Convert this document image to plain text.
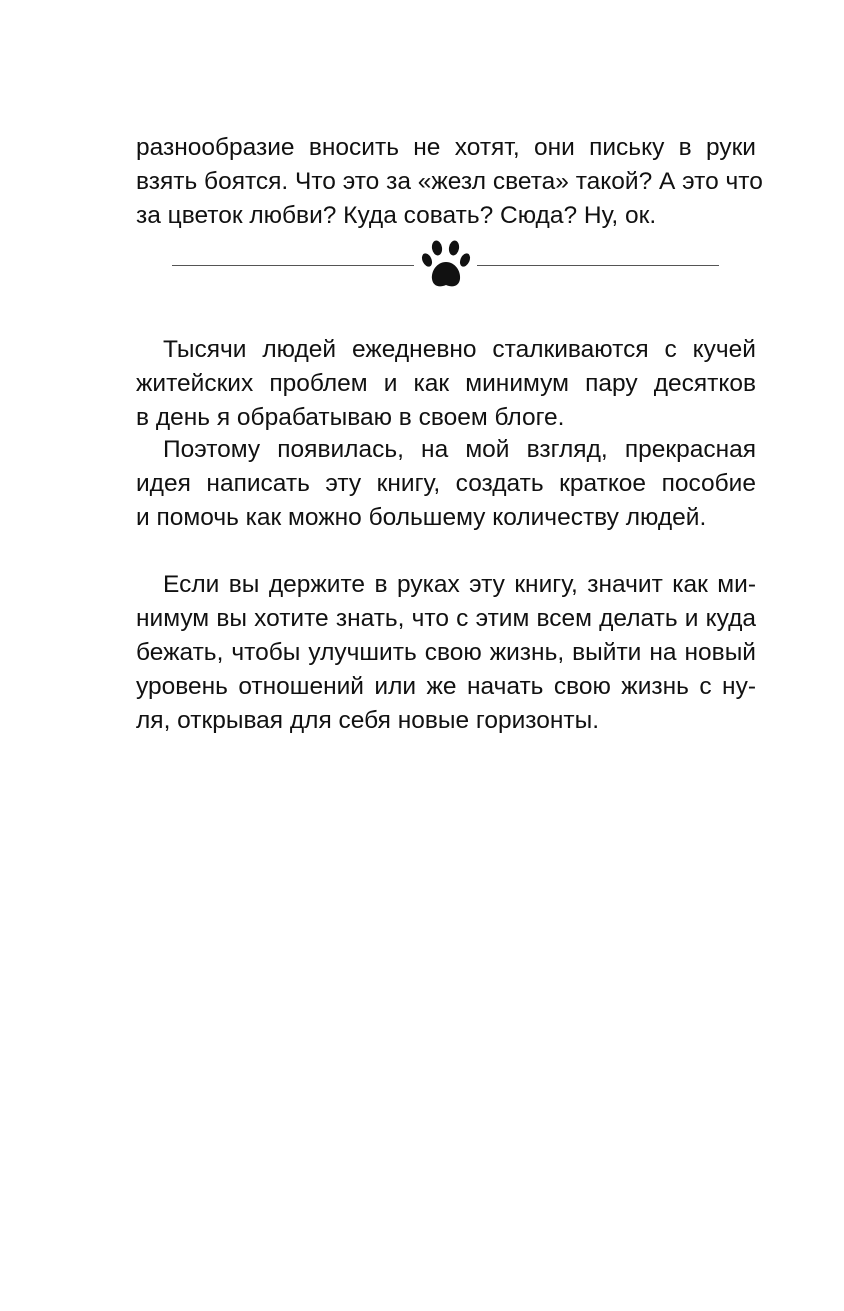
разнообразие вносить не хотят, они письку в руки
взять боятся. Что это за «жезл света» такой? А это что
за цветок любви? Куда совать? Сюда? Ну, ок.
Тысячи людей ежедневно сталкиваются с кучей
житейских проблем и как минимум пару десятков
в день я обрабатываю в своем блоге.
Поэтому появилась, на мой взгляд, прекрасная
идея написать эту книгу, создать краткое пособие
и помочь как можно большему количеству людей.
Если вы держите в руках эту книгу, значит как ми-
нимум вы хотите знать, что с этим всем делать и куда
бежать, чтобы улучшить свою жизнь, выйти на новый
уровень отношений или же начать свою жизнь с ну-
ля, открывая для себя новые горизонты.
